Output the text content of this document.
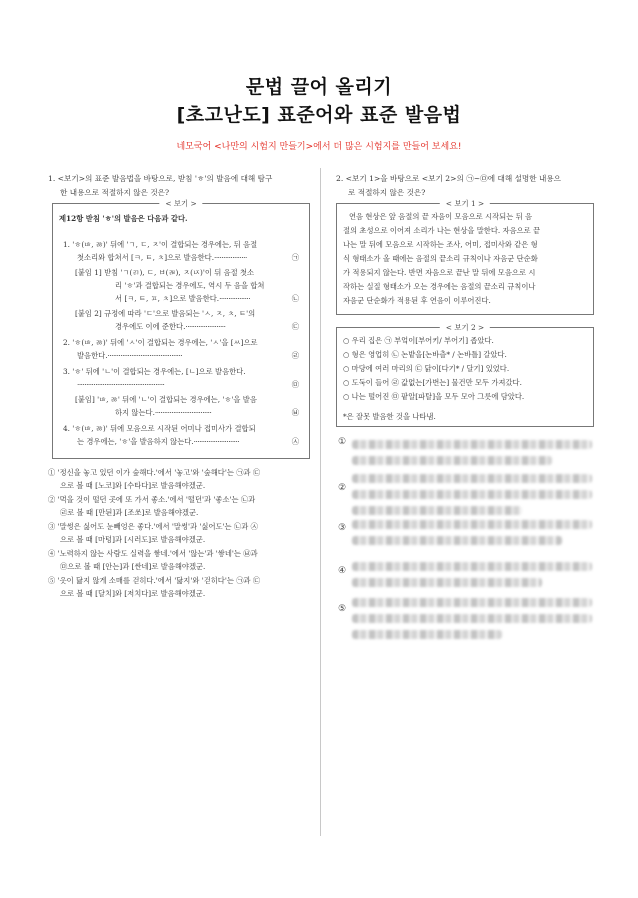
문법 끌어 올리기
[초고난도] 표준어와 표준 발음법
네모국어 <나만의 시험지 만들기>에서 더 많은 시험지를 만들어 보세요!
1. <보기>의 표준 발음법을 바탕으로, 받침 'ㅎ'의 발음에 대해 탐구
한 내용으로 적절하지 않은 것은?
< 보기 >
제12항 받침 'ㅎ'의 발음은 다음과 같다.
1. 'ㅎ(ㄶ, ㅀ)' 뒤에 'ㄱ, ㄷ, ㅈ'이 결합되는 경우에는, 뒤 음절
첫소리와 합쳐서 [ㅋ, ㅌ, ㅊ]으로 발음한다.··················	㉠
[붙임 1] 받침 'ㄱ(ㄺ), ㄷ, ㅂ(ㄼ), ㅈ(ㄵ)'이 뒤 음절 첫소
리 'ㅎ'과 결합되는 경우에도, 역시 두 음을 합쳐
서 [ㅋ, ㅌ, ㅍ, ㅊ]으로 발음한다.·················	㉡
[붙임 2] 규정에 따라 'ㄷ'으로 발음되는 'ㅅ, ㅈ, ㅊ, ㅌ'의
경우에도 이에 준한다.······················	㉢
2. 'ㅎ(ㄶ, ㅀ)' 뒤에 'ㅅ'이 결합되는 경우에는, 'ㅅ'을 [ㅆ]으로
발음한다.·········································	㉣
3. 'ㅎ' 뒤에 'ㄴ'이 결합되는 경우에는, [ㄴ]으로 발음한다.
················································	㉤
[붙임] 'ㄶ, ㅀ' 뒤에 'ㄴ'이 결합되는 경우에는, 'ㅎ'을 발음
하지 않는다.·······························	㉥
4. 'ㅎ(ㄶ, ㅀ)' 뒤에 모음으로 시작된 어미나 접미사가 결합되
는 경우에는, 'ㅎ'을 발음하지 않는다.·························	㉦
① '정신을 놓고 있던 이가 숲해다.'에서 '놓고'와 '숲해다'는 ㉠과 ㉢
으로 볼 때 [노코]와 [수타다]로 발음해야겠군.
② '먹을 것이 떨던 곳에 또 가서 좋소.'에서 '떨던'과 '좋소'는 ㉡과
㉣로 볼 때 [만된]과 [조쏘]로 발음해야겠군.
③ '말썽은 싫어도 눈빼엉은 좋다.'에서 '말썽'과 '싫어도'는 ㉡과 ㉦
으로 볼 때 [마텅]과 [시러도]로 발음해야겠군.
④ '노력하지 않는 사람도 실력을 쌓네.'에서 '않는'과 '쌓네'는 ㉥과
㉤으로 볼 때 [안는]과 [싼네]로 발음해야겠군.
⑤ '옷이 닳지 않게 소매를 걷히다.'에서 '닳지'와 '걷히다'는 ㉠과 ㉢
으로 볼 때 [달치]와 [저치다]로 발음해야겠군.
2. <보기 1>을 바탕으로 <보기 2>의 ㉠~㉤에 대해 설명한 내용으
로 적절하지 않은 것은?
< 보기 1 >
연음 현상은 앞 음절의 끝 자음이 모음으로 시작되는 뒤 음
절의 초성으로 이어져 소리가 나는 현상을 말한다. 자음으로 끝
나는 말 뒤에 모음으로 시작하는 조사, 어미, 접미사와 같은 형
식 형태소가 올 때에는 음절의 끝소리 규칙이나 자음군 단순화
가 적용되지 않는다. 반면 자음으로 끝난 말 뒤에 모음으로 시
작하는 실질 형태소가 오는 경우에는 음절의 끝소리 규칙이나
자음군 단순화가 적용된 후 연음이 이루어진다.
< 보기 2 >
○ 우리 집은 ㉠ 부엌이[부어키/ 부어기] 좁았다.
○ 형은 영업히 ㉡ 논밭을[논바츨* / 논바틀] 갈았다.
○ 마당에 여러 마리의 ㉢ 닭이[다기* / 달기] 있었다.
○ 도둑이 들어 ㉣ 값없는[가번는] 물건만 모두 가져갔다.
○ 나는 떨어진 ㉤ 팥알[파탈]을 모두 모아 그릇에 담았다.
*은 잘못 발음한 것을 나타냄.
①
②
③
④
⑤
